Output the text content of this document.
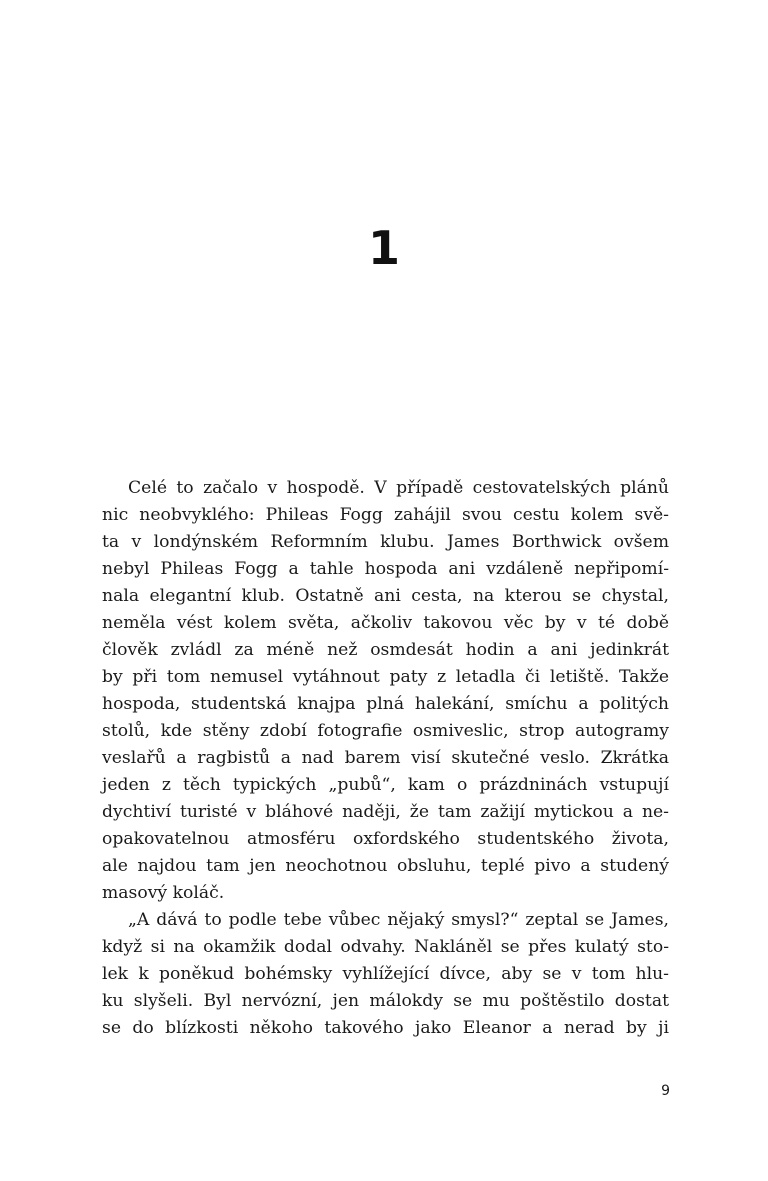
1
Celé to začalo v hospodě. V případě cestovatelských plánů
nic neobvyklého: Phileas Fogg zahájil svou cestu kolem svě-
ta v londýnském Reformním klubu. James Borthwick ovšem
nebyl Phileas Fogg a tahle hospoda ani vzdáleně nepřipomí-
nala elegantní klub. Ostatně ani cesta, na kterou se chystal,
neměla vést kolem světa, ačkoliv takovou věc by v té době
člověk zvládl za méně než osmdesát hodin a ani jedinkrát
by při tom nemusel vytáhnout paty z letadla či letiště. Takže
hospoda, studentská knajpa plná halekání, smíchu a politých
stolů, kde stěny zdobí fotografie osmiveslic, strop autogramy
veslařů a ragbistů a nad barem visí skutečné veslo. Zkrátka
jeden z těch typických „pubů“, kam o prázdninách vstupují
dychtiví turisté v bláhové naději, že tam zažijí mytickou a ne-
opakovatelnou atmosféru oxfordského studentského života,
ale najdou tam jen neochotnou obsluhu, teplé pivo a studený
masový koláč.
„A dává to podle tebe vůbec nějaký smysl?“ zeptal se James,
když si na okamžik dodal odvahy. Nakláněl se přes kulatý sto-
lek k poněkud bohémsky vyhlížející dívce, aby se v tom hlu-
ku slyšeli. Byl nervózní, jen málokdy se mu poštěstilo dostat
se do blízkosti někoho takového jako Eleanor a nerad by ji
9
